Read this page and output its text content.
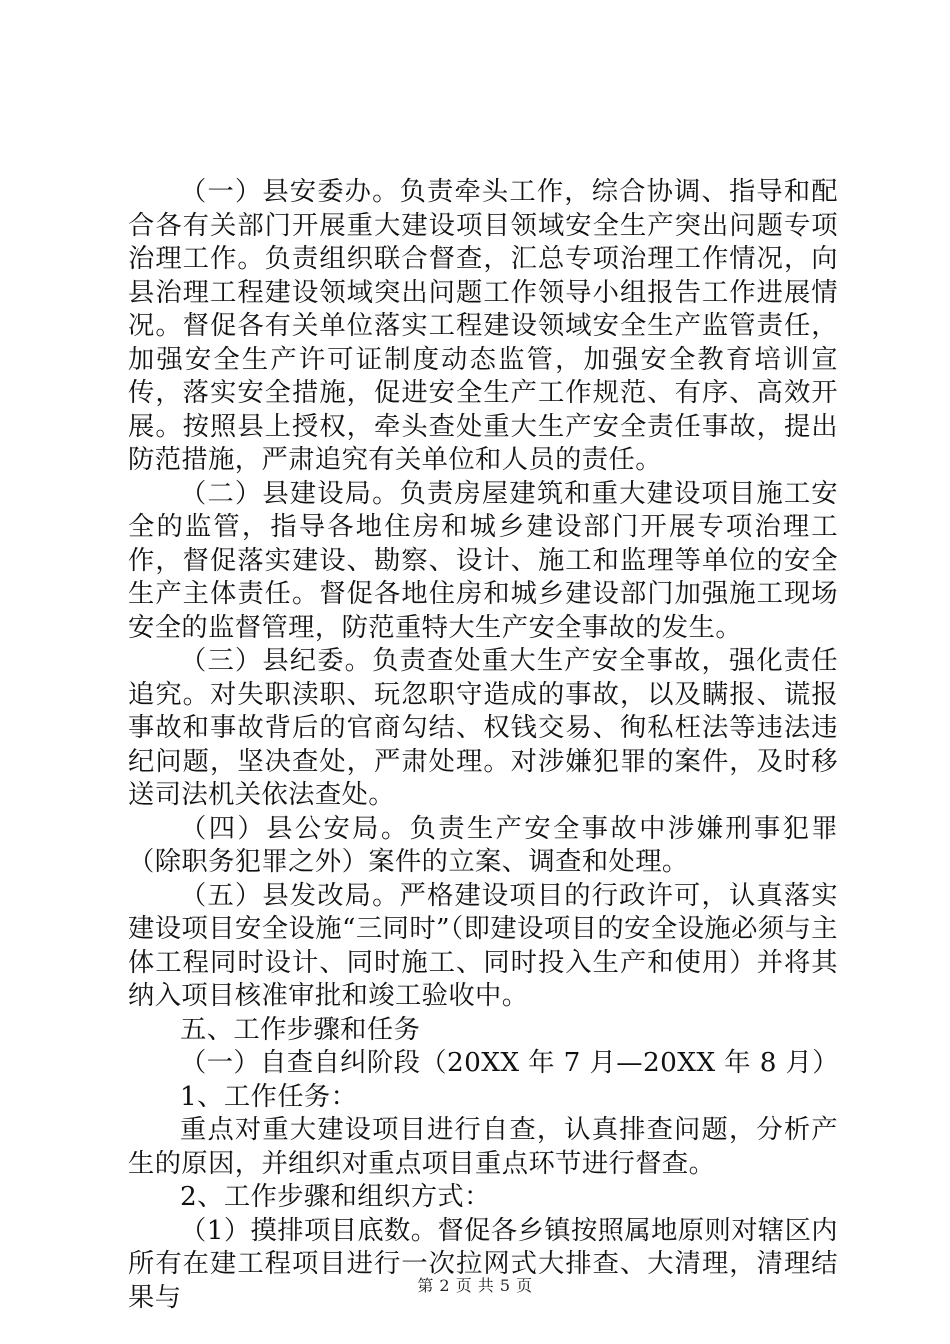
（一）县安委办。负责牵头工作，综合协调、指导和配合各有关部门开展重大建设项目领域安全生产突出问题专项治理工作。负责组织联合督查，汇总专项治理工作情况，向县治理工程建设领域突出问题工作领导小组报告工作进展情况。督促各有关单位落实工程建设领域安全生产监管责任，加强安全生产许可证制度动态监管，加强安全教育培训宣传，落实安全措施，促进安全生产工作规范、有序、高效开展。按照县上授权，牵头查处重大生产安全责任事故，提出防范措施，严肃追究有关单位和人员的责任。

（二）县建设局。负责房屋建筑和重大建设项目施工安全的监管，指导各地住房和城乡建设部门开展专项治理工作，督促落实建设、勘察、设计、施工和监理等单位的安全生产主体责任。督促各地住房和城乡建设部门加强施工现场安全的监督管理，防范重特大生产安全事故的发生。

（三）县纪委。负责查处重大生产安全事故，强化责任追究。对失职渎职、玩忽职守造成的事故，以及瞒报、谎报事故和事故背后的官商勾结、权钱交易、徇私枉法等违法违纪问题，坚决查处，严肃处理。对涉嫌犯罪的案件，及时移送司法机关依法查处。

（四）县公安局。负责生产安全事故中涉嫌刑事犯罪（除职务犯罪之外）案件的立案、调查和处理。

（五）县发改局。严格建设项目的行政许可，认真落实建设项目安全设施“三同时”（即建设项目的安全设施必须与主体工程同时设计、同时施工、同时投入生产和使用）并将其纳入项目核准审批和竣工验收中。

五、工作步骤和任务

（一）自查自纠阶段（20XX 年 7 月—20XX 年 8 月）

1、工作任务：

重点对重大建设项目进行自查，认真排查问题，分析产生的原因，并组织对重点项目重点环节进行督查。

2、工作步骤和组织方式：

（1）摸排项目底数。督促各乡镇按照属地原则对辖区内所有在建工程项目进行一次拉网式大排查、大清理，清理结果与	第 2 页 共 5 页
